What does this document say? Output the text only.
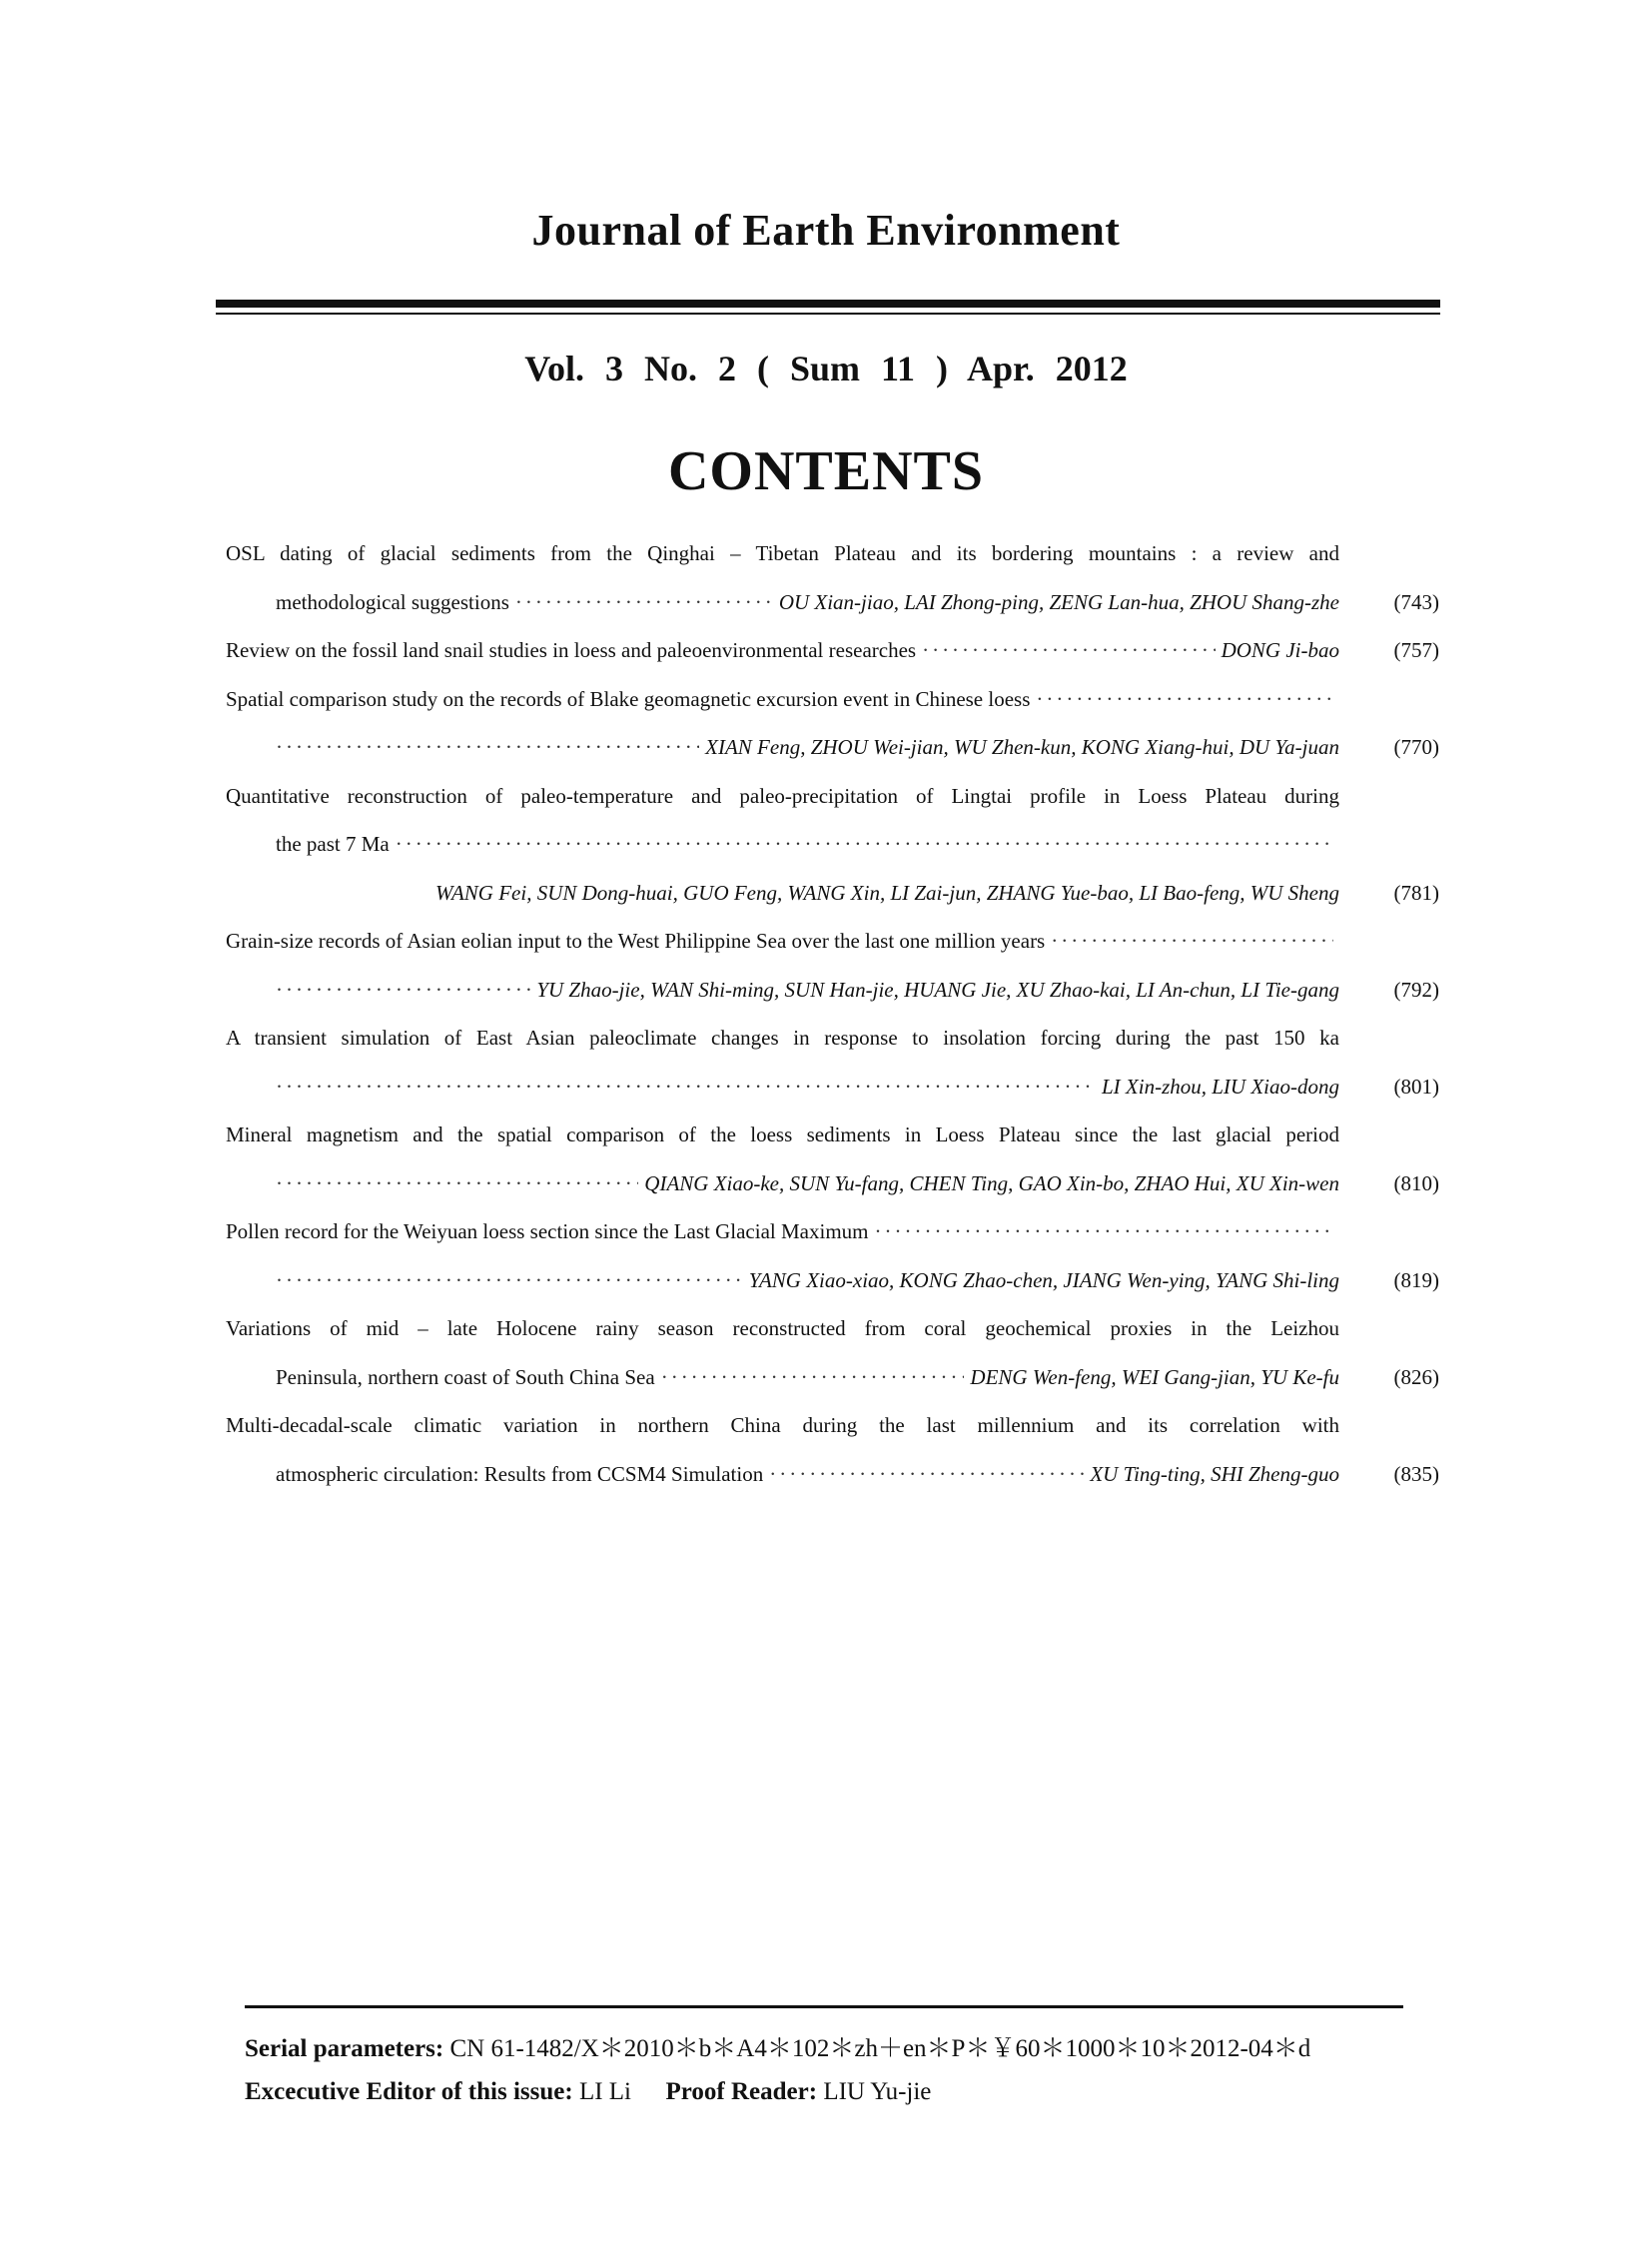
Journal of Earth Environment
Vol. 3 No. 2 ( Sum 11 ) Apr. 2012
CONTENTS
OSL dating of glacial sediments from the Qinghai – Tibetan Plateau and its bordering mountains : a review and
methodological suggestions ·····	OU Xian-jiao, LAI Zhong-ping, ZENG Lan-hua, ZHOU Shang-zhe	(743)
Review on the fossil land snail studies in loess and paleoenvironmental researches ·····	DONG Ji-bao	(757)
Spatial comparison study on the records of Blake geomagnetic excursion event in Chinese loess
·····
·····
XIAN Feng, ZHOU Wei-jian, WU Zhen-kun, KONG Xiang-hui, DU Ya-juan	(770)
Quantitative reconstruction of paleo-temperature and paleo-precipitation of Lingtai profile in Loess Plateau during
the past 7 Ma
·····
WANG Fei, SUN Dong-huai, GUO Feng, WANG Xin, LI Zai-jun, ZHANG Yue-bao, LI Bao-feng, WU Sheng	(781)
Grain-size records of Asian eolian input to the West Philippine Sea over the last one million years
·····
·····
YU Zhao-jie, WAN Shi-ming, SUN Han-jie, HUANG Jie, XU Zhao-kai, LI An-chun, LI Tie-gang	(792)
A transient simulation of East Asian paleoclimate changes in response to insolation forcing during the past 150 ka
·····
LI Xin-zhou, LIU Xiao-dong	(801)
Mineral magnetism and the spatial comparison of the loess sediments in Loess Plateau since the last glacial period
·····
QIANG Xiao-ke, SUN Yu-fang, CHEN Ting, GAO Xin-bo, ZHAO Hui, XU Xin-wen	(810)
Pollen record for the Weiyuan loess section since the Last Glacial Maximum
·····
·····
YANG Xiao-xiao, KONG Zhao-chen, JIANG Wen-ying, YANG Shi-ling	(819)
Variations of mid – late Holocene rainy season reconstructed from coral geochemical proxies in the Leizhou
Peninsula, northern coast of South China Sea ·····	DENG Wen-feng, WEI Gang-jian, YU Ke-fu	(826)
Multi-decadal-scale climatic variation in northern China during the last millennium and its correlation with
atmospheric circulation: Results from CCSM4 Simulation ·····	XU Ting-ting, SHI Zheng-guo	(835)
Serial parameters: CN 61-1482/X＊2010＊b＊A4＊102＊zh＋en＊P＊￥60＊1000＊10＊2012-04＊d
Excecutive Editor of this issue: LI Li Proof Reader: LIU Yu-jie
